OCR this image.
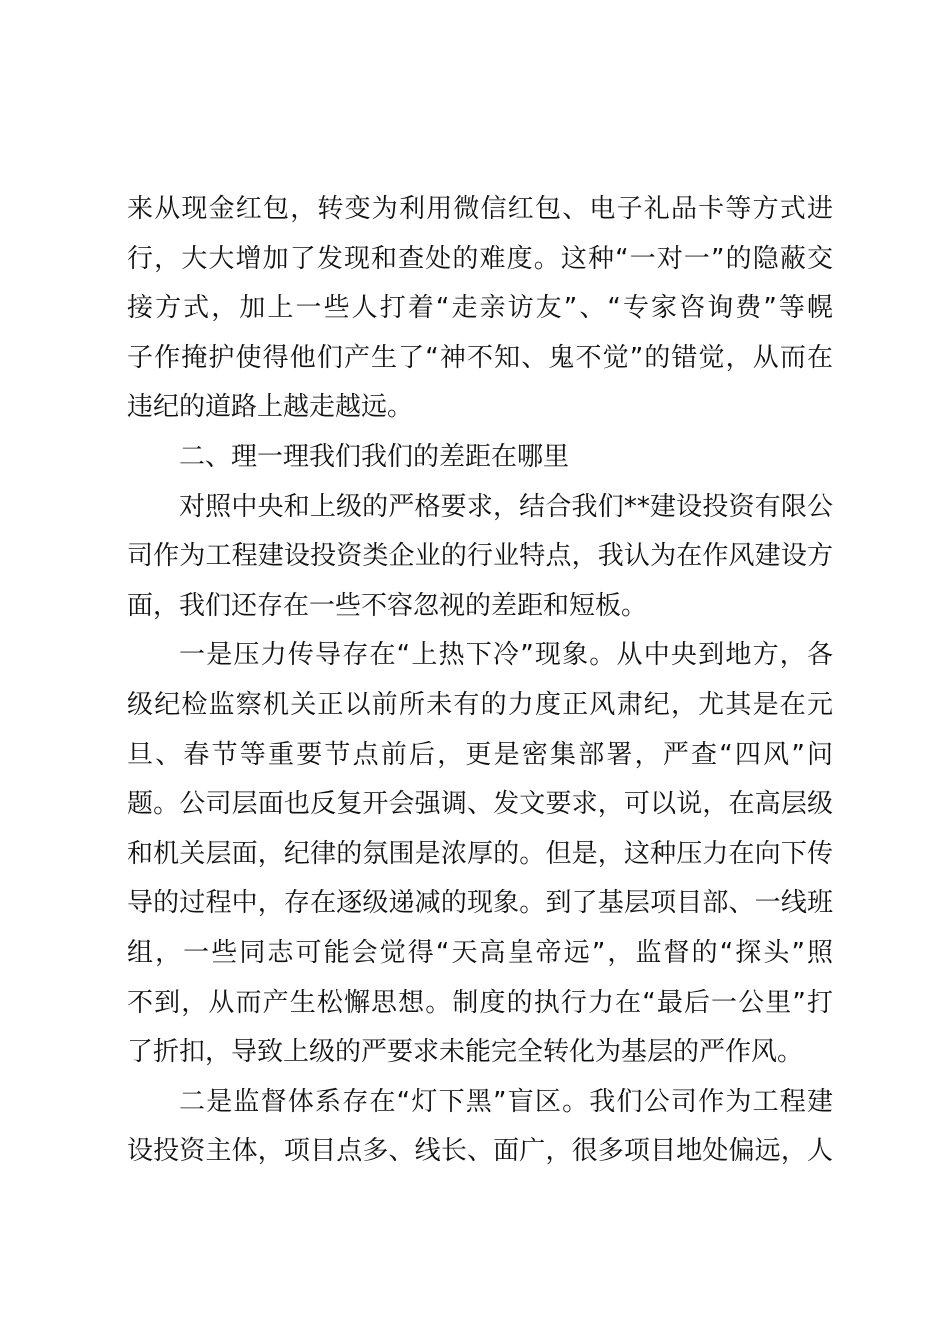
来从现金红包，转变为利用微信红包、电子礼品卡等方式进
行，大大增加了发现和查处的难度。这种“一对一”的隐蔽交
接方式，加上一些人打着“走亲访友”、“专家咨询费”等幌
子作掩护使得他们产生了“神不知、鬼不觉”的错觉，从而在
违纪的道路上越走越远。
二、理一理我们我们的差距在哪里
对照中央和上级的严格要求，结合我们**建设投资有限公
司作为工程建设投资类企业的行业特点，我认为在作风建设方
面，我们还存在一些不容忽视的差距和短板。
一是压力传导存在“上热下冷”现象。从中央到地方，各
级纪检监察机关正以前所未有的力度正风肃纪，尤其是在元
旦、春节等重要节点前后，更是密集部署，严查“四风”问
题。公司层面也反复开会强调、发文要求，可以说，在高层级
和机关层面，纪律的氛围是浓厚的。但是，这种压力在向下传
导的过程中，存在逐级递减的现象。到了基层项目部、一线班
组，一些同志可能会觉得“天高皇帝远”，监督的“探头”照
不到，从而产生松懈思想。制度的执行力在“最后一公里”打
了折扣，导致上级的严要求未能完全转化为基层的严作风。
二是监督体系存在“灯下黑”盲区。我们公司作为工程建
设投资主体，项目点多、线长、面广，很多项目地处偏远，人
